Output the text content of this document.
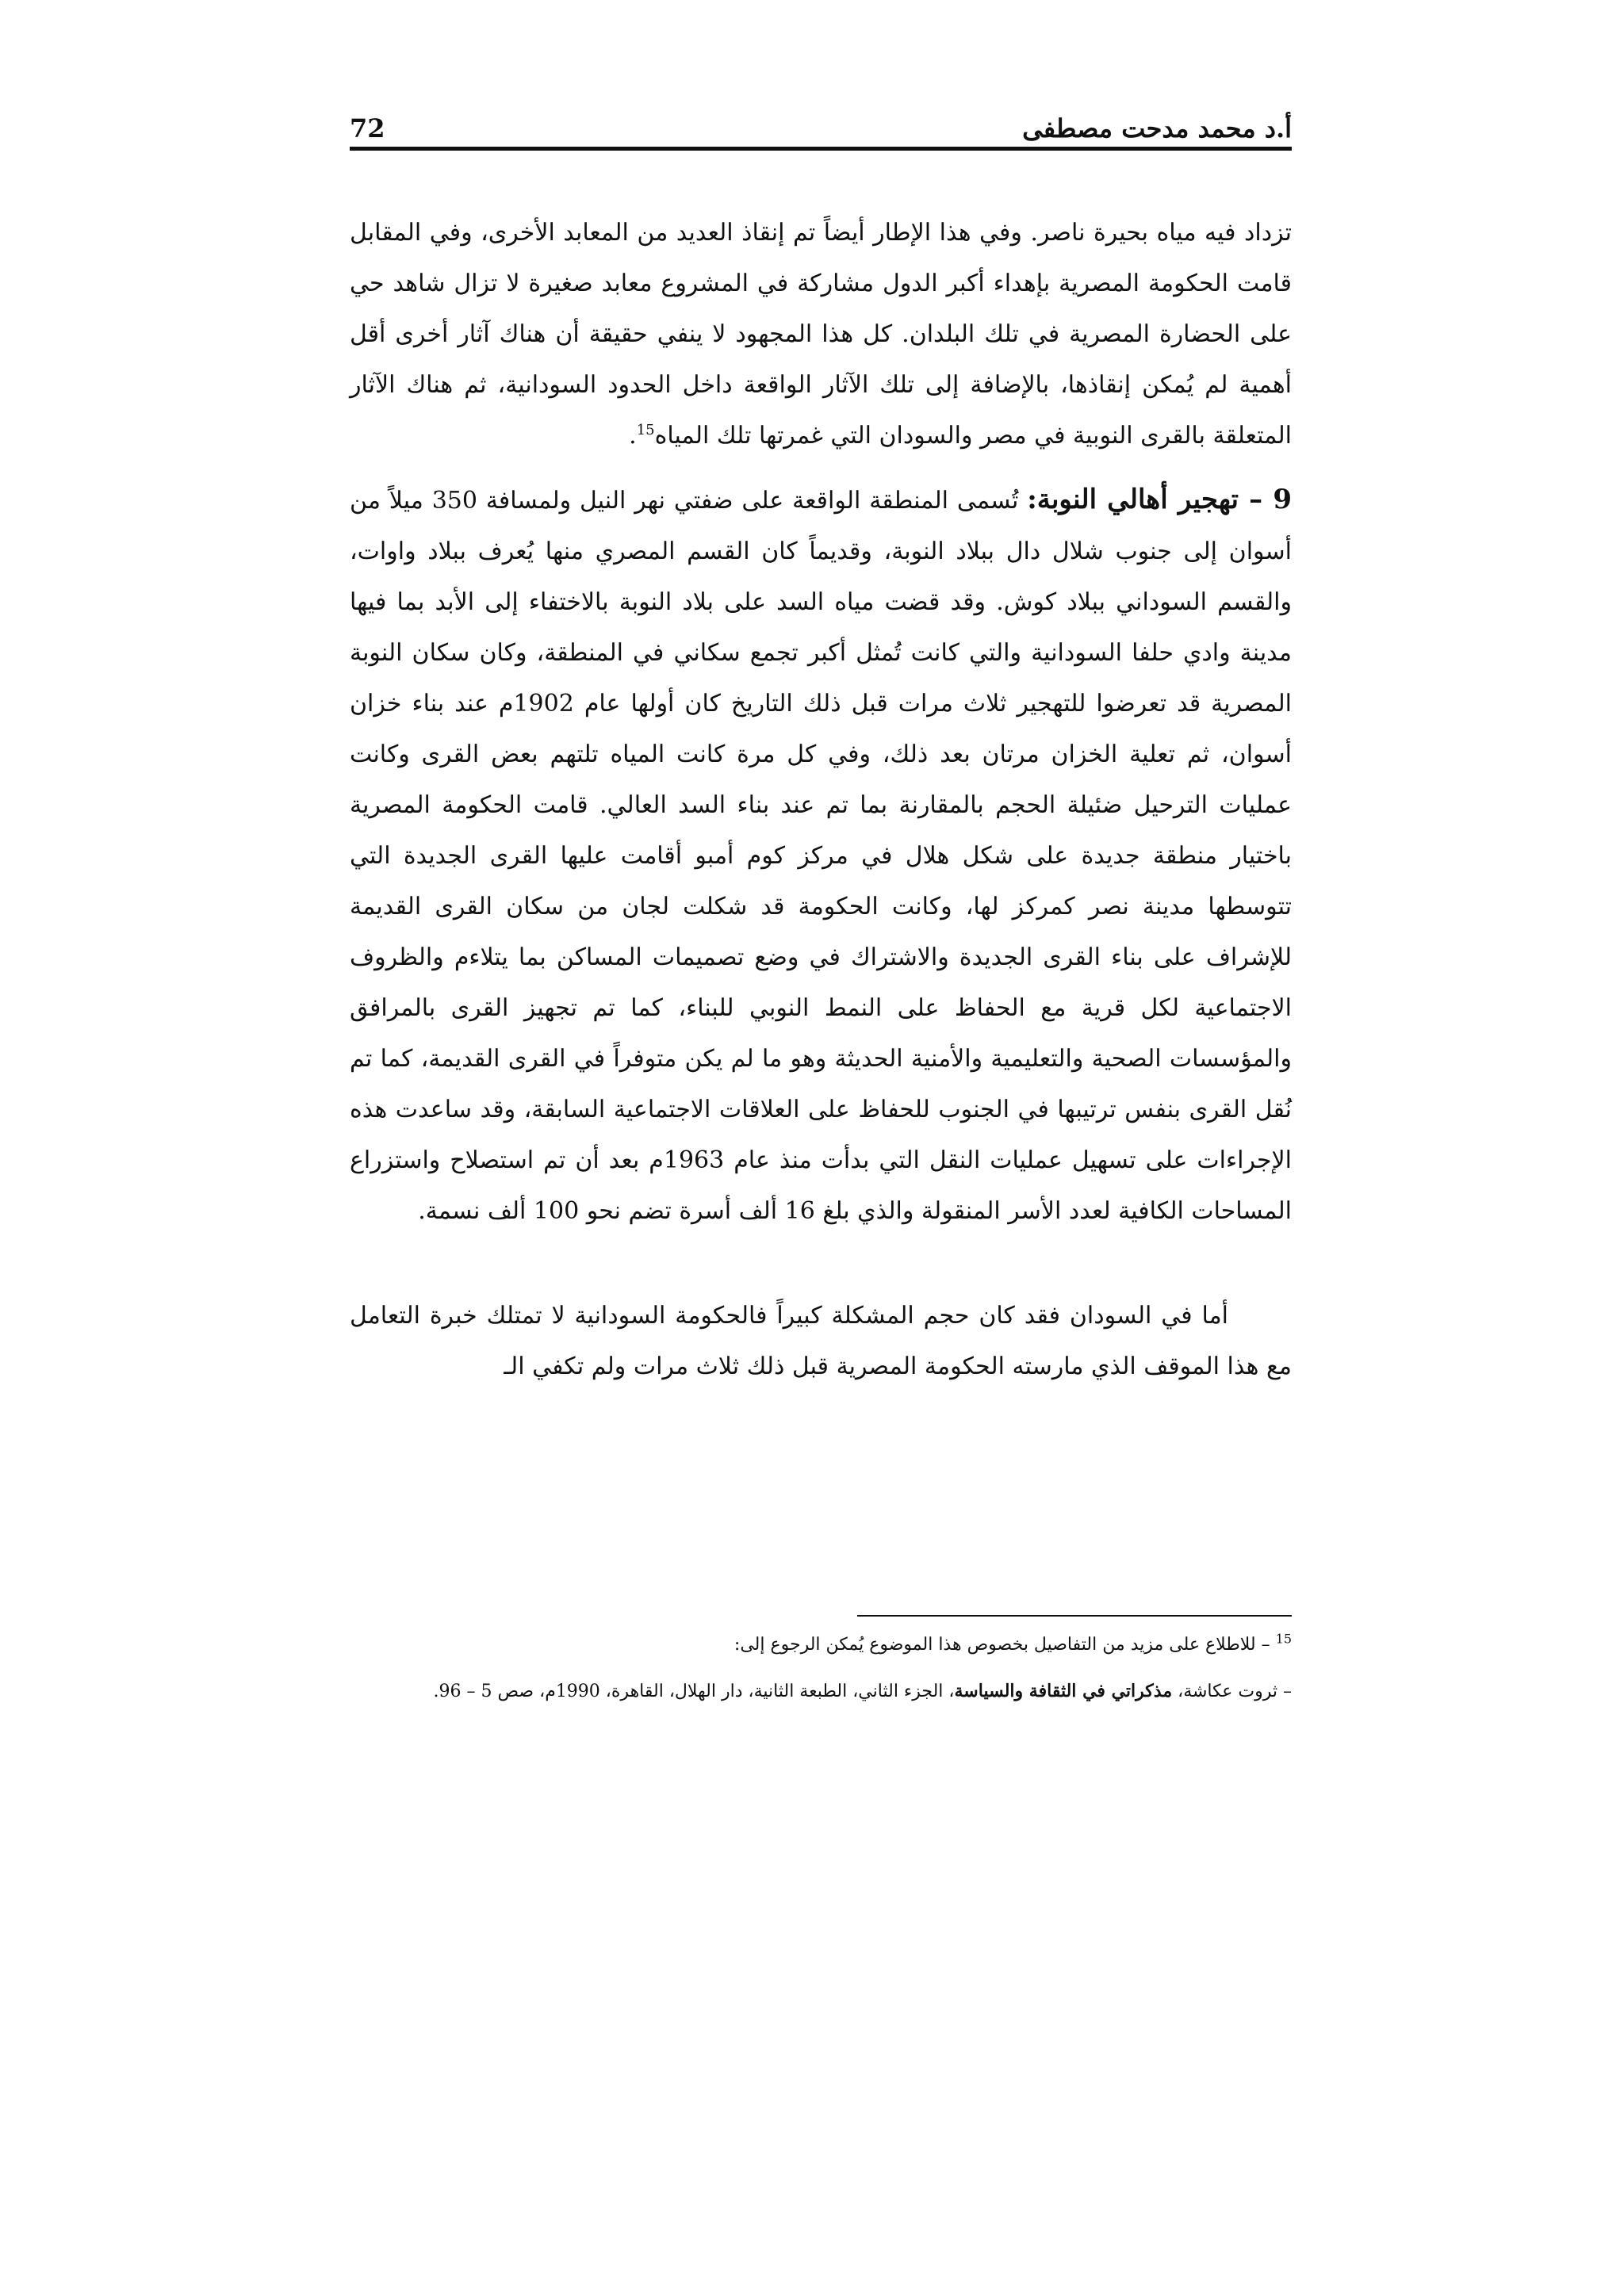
72	أ.د محمد مدحت مصطفى

تزداد فيه مياه بحيرة ناصر. وفي هذا الإطار أيضاً تم إنقاذ العديد من المعابد الأخرى، وفي المقابل قامت الحكومة المصرية بإهداء أكبر الدول مشاركة في المشروع معابد صغيرة لا تزال شاهد حي على الحضارة المصرية في تلك البلدان. كل هذا المجهود لا ينفي حقيقة أن هناك آثار أخرى أقل أهمية لم يُمكن إنقاذها، بالإضافة إلى تلك الآثار الواقعة داخل الحدود السودانية، ثم هناك الآثار المتعلقة بالقرى النوبية في مصر والسودان التي غمرتها تلك المياه$^{15}$.

9 – تهجير أهالي النوبة: تُسمى المنطقة الواقعة على ضفتي نهر النيل ولمسافة 350 ميلاً من أسوان إلى جنوب شلال دال ببلاد النوبة، وقديماً كان القسم المصري منها يُعرف ببلاد واوات، والقسم السوداني ببلاد كوش. وقد قضت مياه السد على بلاد النوبة بالاختفاء إلى الأبد بما فيها مدينة وادي حلفا السودانية والتي كانت تُمثل أكبر تجمع سكاني في المنطقة، وكان سكان النوبة المصرية قد تعرضوا للتهجير ثلاث مرات قبل ذلك التاريخ كان أولها عام 1902م عند بناء خزان أسوان، ثم تعلية الخزان مرتان بعد ذلك، وفي كل مرة كانت المياه تلتهم بعض القرى وكانت عمليات الترحيل ضئيلة الحجم بالمقارنة بما تم عند بناء السد العالي. قامت الحكومة المصرية باختيار منطقة جديدة على شكل هلال في مركز كوم أمبو أقامت عليها القرى الجديدة التي تتوسطها مدينة نصر كمركز لها، وكانت الحكومة قد شكلت لجان من سكان القرى القديمة للإشراف على بناء القرى الجديدة والاشتراك في وضع تصميمات المساكن بما يتلاءم والظروف الاجتماعية لكل قرية مع الحفاظ على النمط النوبي للبناء، كما تم تجهيز القرى بالمرافق والمؤسسات الصحية والتعليمية والأمنية الحديثة وهو ما لم يكن متوفراً في القرى القديمة، كما تم نُقل القرى بنفس ترتيبها في الجنوب للحفاظ على العلاقات الاجتماعية السابقة، وقد ساعدت هذه الإجراءات على تسهيل عمليات النقل التي بدأت منذ عام 1963م بعد أن تم استصلاح واستزراع المساحات الكافية لعدد الأسر المنقولة والذي بلغ 16 ألف أسرة تضم نحو 100 ألف نسمة.

أما في السودان فقد كان حجم المشكلة كبيراً فالحكومة السودانية لا تمتلك خبرة التعامل مع هذا الموقف الذي مارسته الحكومة المصرية قبل ذلك ثلاث مرات ولم تكفي الـ

$^{15}$ – للاطلاع على مزيد من التفاصيل بخصوص هذا الموضوع يُمكن الرجوع إلى:

– ثروت عكاشة، مذكراتي في الثقافة والسياسة، الجزء الثاني، الطبعة الثانية، دار الهلال، القاهرة، 1990م، صص 5 – 96.
